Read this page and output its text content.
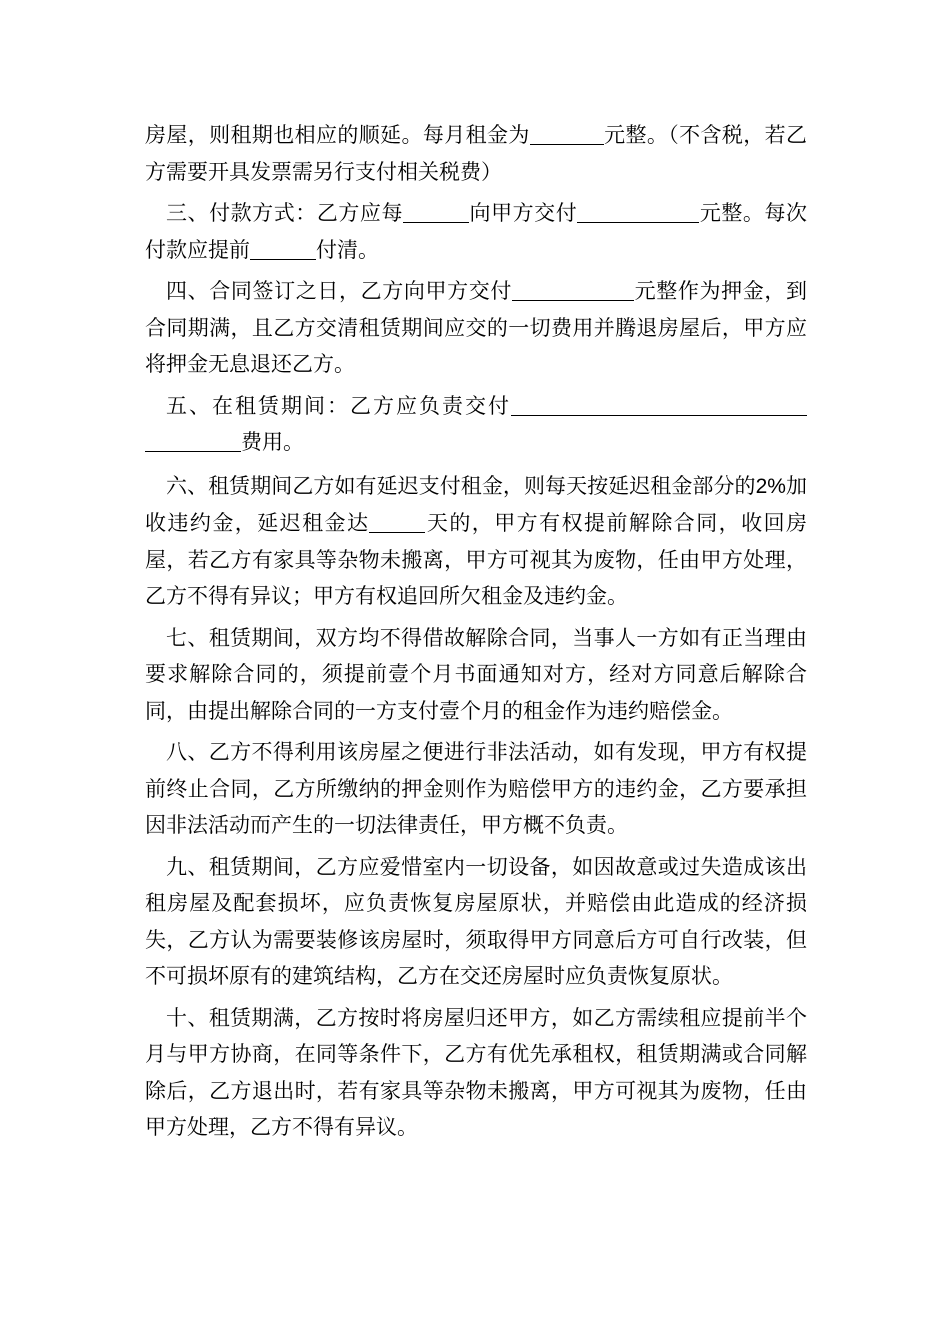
房屋，则租期也相应的顺延。每月租金为	元整。（不含税，若乙方需要开具发票需另行支付相关税费）

三、付款方式：乙方应每	向甲方交付	元整。每次付款应提前	付清。

四、合同签订之日，乙方向甲方交付	元整作为押金，到合同期满，且乙方交清租赁期间应交的一切费用并腾退房屋后，甲方应将押金无息退还乙方。

五、在租赁期间：乙方应负责交付费用。

六、租赁期间乙方如有延迟支付租金，则每天按延迟租金部分的2%加收违约金，延迟租金达	天的，甲方有权提前解除合同，收回房屋，若乙方有家具等杂物未搬离，甲方可视其为废物，任由甲方处理，乙方不得有异议；甲方有权追回所欠租金及违约金。

七、租赁期间，双方均不得借故解除合同，当事人一方如有正当理由要求解除合同的，须提前壹个月书面通知对方，经对方同意后解除合同，由提出解除合同的一方支付壹个月的租金作为违约赔偿金。

八、乙方不得利用该房屋之便进行非法活动，如有发现，甲方有权提前终止合同，乙方所缴纳的押金则作为赔偿甲方的违约金，乙方要承担因非法活动而产生的一切法律责任，甲方概不负责。

九、租赁期间，乙方应爱惜室内一切设备，如因故意或过失造成该出租房屋及配套损坏，应负责恢复房屋原状，并赔偿由此造成的经济损失，乙方认为需要装修该房屋时，须取得甲方同意后方可自行改装，但不可损坏原有的建筑结构，乙方在交还房屋时应负责恢复原状。

十、租赁期满，乙方按时将房屋归还甲方，如乙方需续租应提前半个月与甲方协商，在同等条件下，乙方有优先承租权，租赁期满或合同解除后，乙方退出时，若有家具等杂物未搬离，甲方可视其为废物，任由甲方处理，乙方不得有异议。
